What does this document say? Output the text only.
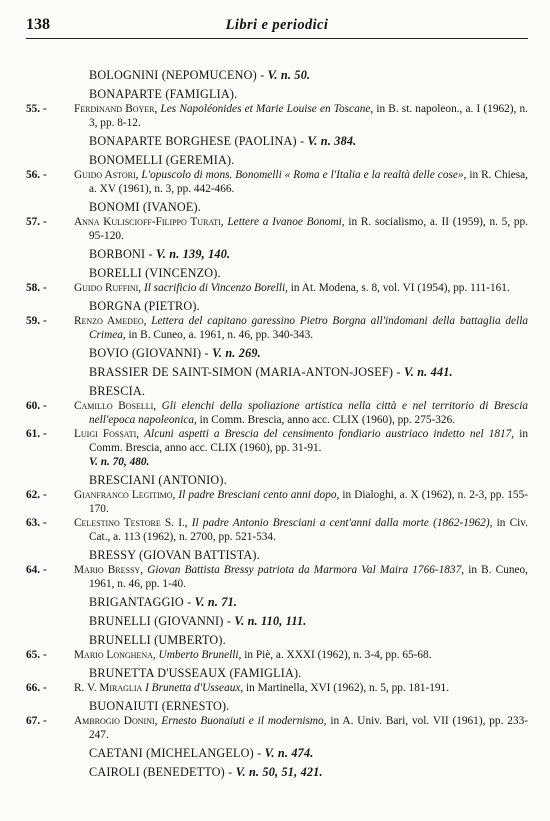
138	Libri e periodici
BOLOGNINI (NEPOMUCENO) - V. n. 50.
BONAPARTE (FAMIGLIA).
55. -	Ferdinand Boyer, Les Napoléonides et Marie Louise en Toscane, in B. st. napoleon., a. I (1962), n. 3, pp. 8-12.
BONAPARTE BORGHESE (PAOLINA) - V. n. 384.
BONOMELLI (GEREMIA).
56. -	Guido Astori, L'opuscolo di mons. Bonomelli « Roma e l'Italia e la realtà delle cose», in R. Chiesa, a. XV (1961), n. 3, pp. 442-466.
BONOMI (IVANOE).
57. -	Anna Kuliscioff-Filippo Turati, Lettere a Ivanoe Bonomi, in R. socialismo, a. II (1959), n. 5, pp. 95-120.
BORBONI - V. n. 139, 140.
BORELLI (VINCENZO).
58. -	Guido Ruffini, Il sacrificio di Vincenzo Borelli, in At. Modena, s. 8, vol. VI (1954), pp. 111-161.
BORGNA (PIETRO).
59. -	Renzo Amedeo, Lettera del capitano garessino Pietro Borgna all'indomani della battaglia della Crimea, in B. Cuneo, a. 1961, n. 46, pp. 340-343.
BOVIO (GIOVANNI) - V. n. 269.
BRASSIER DE SAINT-SIMON (MARIA-ANTON-JOSEF) - V. n. 441.
BRESCIA.
60. -	Camillo Boselli, Gli elenchi della spoliazione artistica nella città e nel territorio di Brescia nell'epoca napoleonica, in Comm. Brescia, anno acc. CLIX (1960), pp. 275-326.
61. -	Luigi Fossati, Alcuni aspetti a Brescia del censimento fondiario austriaco indetto nel 1817, in Comm. Brescia, anno acc. CLIX (1960), pp. 31-91.
V. n. 70, 480.
BRESCIANI (ANTONIO).
62. -	Gianfranco Legitimo, Il padre Bresciani cento anni dopo, in Dialoghi, a. X (1962), n. 2-3, pp. 155-170.
63. -	Celestino Testore S. I., Il padre Antonio Bresciani a cent'anni dalla morte (1862-1962), in Civ. Cat., a. 113 (1962), n. 2700, pp. 521-534.
BRESSY (GIOVAN BATTISTA).
64. -	Mario Bressy, Giovan Battista Bressy patriota da Marmora Val Maira 1766-1837, in B. Cuneo, 1961, n. 46, pp. 1-40.
BRIGANTAGGIO - V. n. 71.
BRUNELLI (GIOVANNI) - V. n. 110, 111.
BRUNELLI (UMBERTO).
65. -	Mario Longhena, Umberto Brunelli, in Piè, a. XXXI (1962), n. 3-4, pp. 65-68.
BRUNETTA D'USSEAUX (FAMIGLIA).
66. -	R. V. Miraglia I Brunetta d'Usseaux, in Martinella, XVI (1962), n. 5, pp. 181-191.
BUONAIUTI (ERNESTO).
67. -	Ambrogio Donini, Ernesto Buonaiuti e il modernismo, in A. Univ. Bari, vol. VII (1961), pp. 233-247.
CAETANI (MICHELANGELO) - V. n. 474.
CAIROLI (BENEDETTO) - V. n. 50, 51, 421.
